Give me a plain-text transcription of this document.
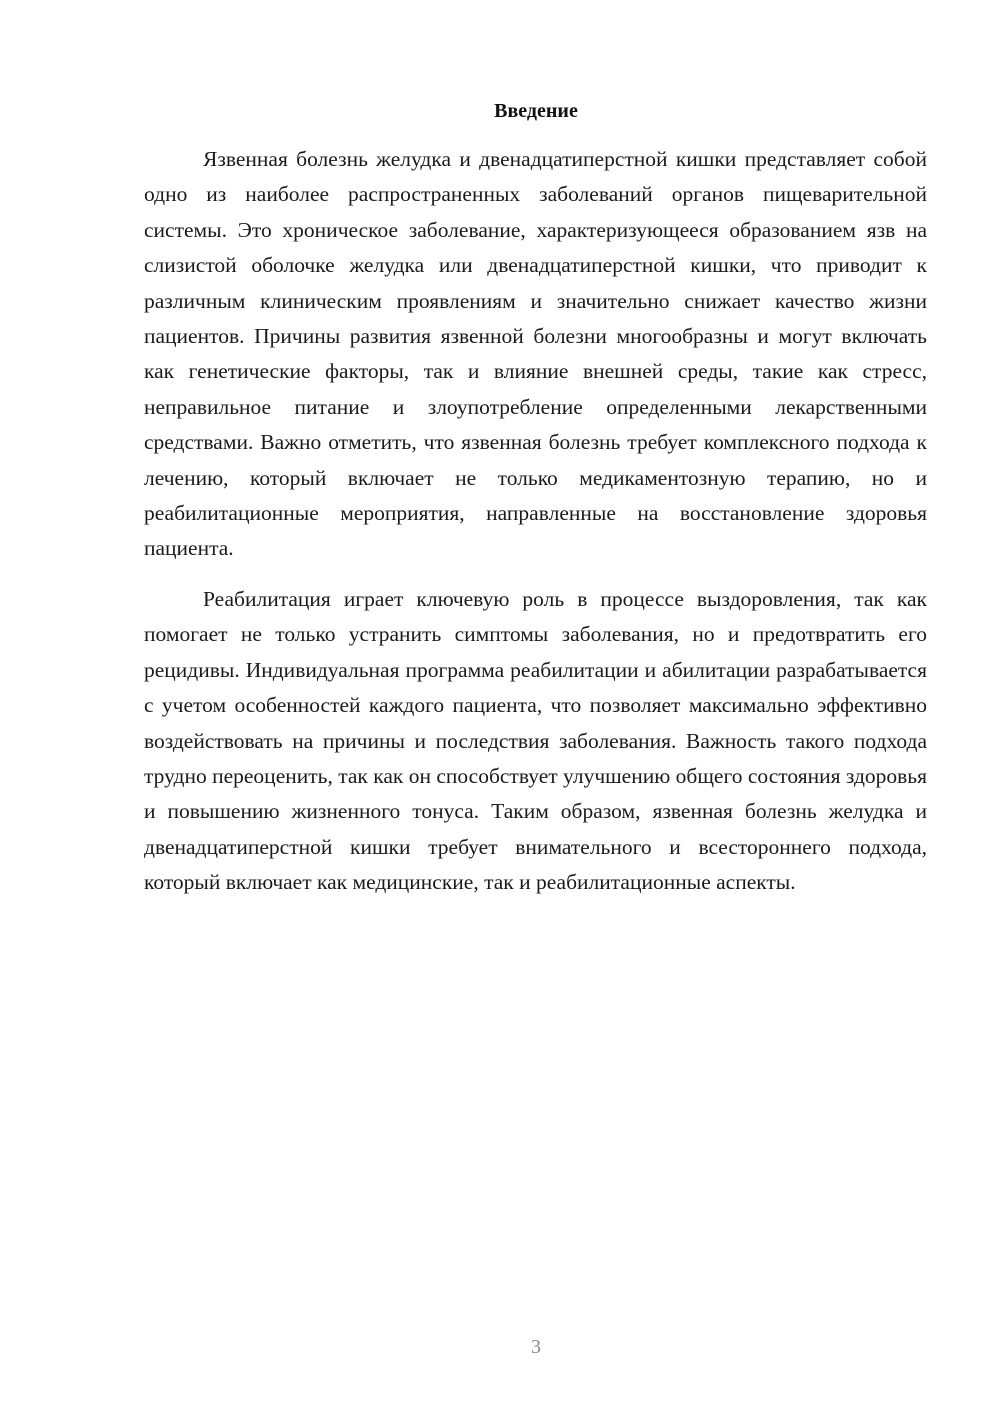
Введение

Язвенная болезнь желудка и двенадцатиперстной кишки представляет собой одно из наиболее распространенных заболеваний органов пищеварительной системы. Это хроническое заболевание, характеризующееся образованием язв на слизистой оболочке желудка или двенадцатиперстной кишки, что приводит к различным клиническим проявлениям и значительно снижает качество жизни пациентов. Причины развития язвенной болезни многообразны и могут включать как генетические факторы, так и влияние внешней среды, такие как стресс, неправильное питание и злоупотребление определенными лекарственными средствами. Важно отметить, что язвенная болезнь требует комплексного подхода к лечению, который включает не только медикаментозную терапию, но и реабилитационные мероприятия, направленные на восстановление здоровья пациента.

Реабилитация играет ключевую роль в процессе выздоровления, так как помогает не только устранить симптомы заболевания, но и предотвратить его рецидивы. Индивидуальная программа реабилитации и абилитации разрабатывается с учетом особенностей каждого пациента, что позволяет максимально эффективно воздействовать на причины и последствия заболевания. Важность такого подхода трудно переоценить, так как он способствует улучшению общего состояния здоровья и повышению жизненного тонуса. Таким образом, язвенная болезнь желудка и двенадцатиперстной кишки требует внимательного и всестороннего подхода, который включает как медицинские, так и реабилитационные аспекты.

3
